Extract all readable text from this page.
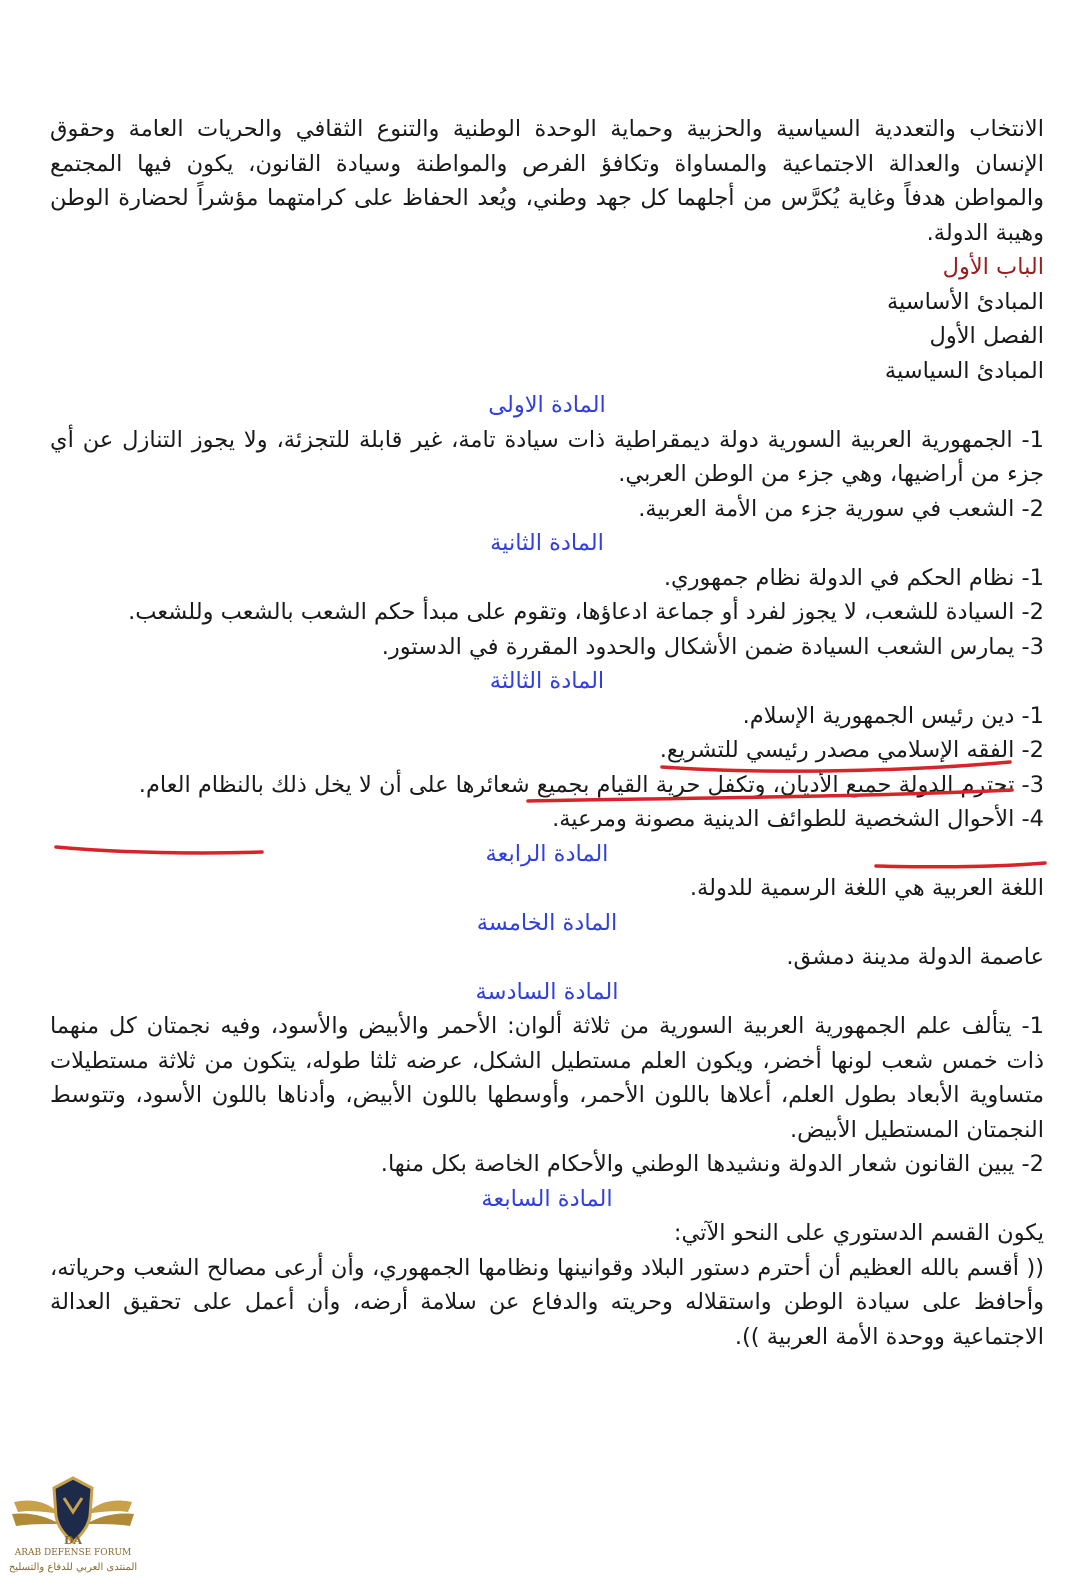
الانتخاب والتعددية السياسية والحزبية وحماية الوحدة الوطنية والتنوع الثقافي والحريات العامة وحقوق الإنسان والعدالة الاجتماعية والمساواة وتكافؤ الفرص والمواطنة وسيادة القانون، يكون فيها المجتمع والمواطن هدفاً وغاية يُكرَّس من أجلهما كل جهد وطني، ويُعد الحفاظ على كرامتهما مؤشراً لحضارة الوطن وهيبة الدولة.

الباب الأول

المبادئ الأساسية

الفصل الأول

المبادئ السياسية

المادة الاولى

1- الجمهورية العربية السورية دولة ديمقراطية ذات سيادة تامة، غير قابلة للتجزئة، ولا يجوز التنازل عن أي جزء من أراضيها، وهي جزء من الوطن العربي.

2- الشعب في سورية جزء من الأمة العربية.

المادة الثانية

1- نظام الحكم في الدولة نظام جمهوري.

2- السيادة للشعب، لا يجوز لفرد أو جماعة ادعاؤها، وتقوم على مبدأ حكم الشعب بالشعب وللشعب.

3- يمارس الشعب السيادة ضمن الأشكال والحدود المقررة في الدستور.

المادة الثالثة

1- دين رئيس الجمهورية الإسلام.

2- الفقه الإسلامي مصدر رئيسي للتشريع.

3- تحترم الدولة جميع الأديان، وتكفل حرية القيام بجميع شعائرها على أن لا يخل ذلك بالنظام العام.

4- الأحوال الشخصية للطوائف الدينية مصونة ومرعية.

المادة الرابعة

اللغة العربية هي اللغة الرسمية للدولة.

المادة الخامسة

عاصمة الدولة مدينة دمشق.

المادة السادسة

1- يتألف علم الجمهورية العربية السورية من ثلاثة ألوان: الأحمر والأبيض والأسود، وفيه نجمتان كل منهما ذات خمس شعب لونها أخضر، ويكون العلم مستطيل الشكل، عرضه ثلثا طوله، يتكون من ثلاثة مستطيلات متساوية الأبعاد بطول العلم، أعلاها باللون الأحمر، وأوسطها باللون الأبيض، وأدناها باللون الأسود، وتتوسط النجمتان المستطيل الأبيض.

2- يبين القانون شعار الدولة ونشيدها الوطني والأحكام الخاصة بكل منها.

المادة السابعة

يكون القسم الدستوري على النحو الآتي:

(( أقسم بالله العظيم أن أحترم دستور البلاد وقوانينها ونظامها الجمهوري، وأن أرعى مصالح الشعب وحرياته، وأحافظ على سيادة الوطن واستقلاله وحريته والدفاع عن سلامة أرضه، وأن أعمل على تحقيق العدالة الاجتماعية ووحدة الأمة العربية )).

DA
ARAB DEFENSE FORUM
المنتدى العربي للدفاع والتسليح
